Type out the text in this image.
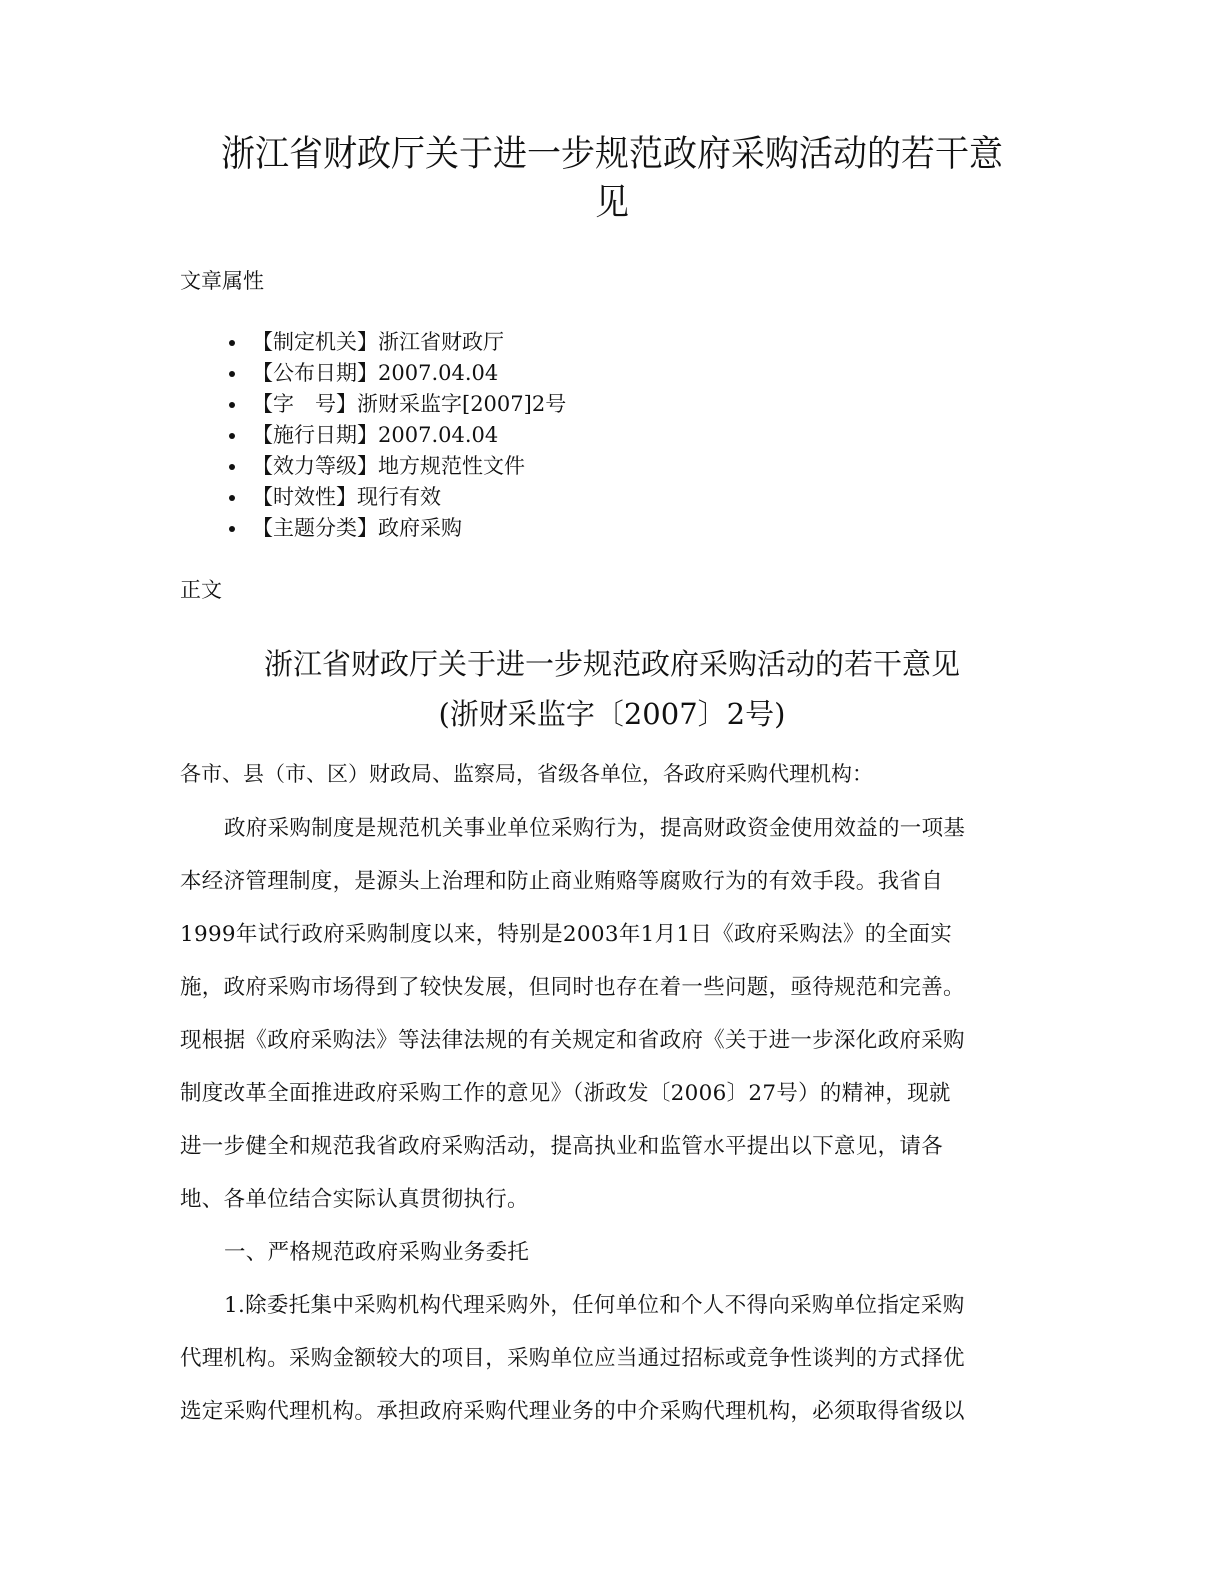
浙江省财政厅关于进一步规范政府采购活动的若干意
见

文章属性

【制定机关】 浙江省财政厅
【公布日期】 2007.04.04
【字　号】 浙财采监字[2007]2号
【施行日期】 2007.04.04
【效力等级】 地方规范性文件
【时效性】 现行有效
【主题分类】 政府采购

正文

浙江省财政厅关于进一步规范政府采购活动的若干意见
(浙财采监字〔2007〕2号)

各市、县（市、区）财政局、监察局，省级各单位，各政府采购代理机构：

政府采购制度是规范机关事业单位采购行为，提高财政资金使用效益的一项基

本经济管理制度，是源头上治理和防止商业贿赂等腐败行为的有效手段。我省自

1999年试行政府采购制度以来，特别是2003年1月1日《政府采购法》的全面实

施，政府采购市场得到了较快发展，但同时也存在着一些问题，亟待规范和完善。

现根据《政府采购法》等法律法规的有关规定和省政府《关于进一步深化政府采购

制度改革全面推进政府采购工作的意见》（浙政发〔2006〕27号）的精神，现就

进一步健全和规范我省政府采购活动，提高执业和监管水平提出以下意见，请各

地、各单位结合实际认真贯彻执行。

一、严格规范政府采购业务委托

1.除委托集中采购机构代理采购外，任何单位和个人不得向采购单位指定采购

代理机构。采购金额较大的项目，采购单位应当通过招标或竞争性谈判的方式择优

选定采购代理机构。承担政府采购代理业务的中介采购代理机构，必须取得省级以
